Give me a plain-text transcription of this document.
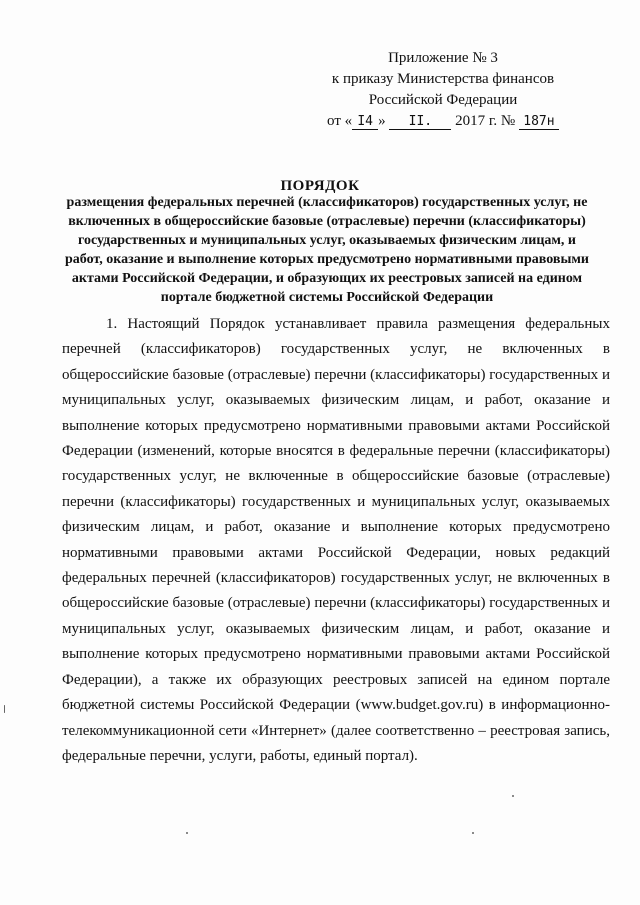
Приложение № 3
к приказу Министерства финансов
Российской Федерации
от « I4 » II. 2017 г. № 187н
ПОРЯДОК
размещения федеральных перечней (классификаторов) государственных услуг, не включенных в общероссийские базовые (отраслевые) перечни (классификаторы) государственных и муниципальных услуг, оказываемых физическим лицам, и работ, оказание и выполнение которых предусмотрено нормативными правовыми актами Российской Федерации, и образующих их реестровых записей на едином портале бюджетной системы Российской Федерации

1. Настоящий Порядок устанавливает правила размещения федеральных перечней (классификаторов) государственных услуг, не включенных в общероссийские базовые (отраслевые) перечни (классификаторы) государственных и муниципальных услуг, оказываемых физическим лицам, и работ, оказание и выполнение которых предусмотрено нормативными правовыми актами Российской Федерации (изменений, которые вносятся в федеральные перечни (классификаторы) государственных услуг, не включенные в общероссийские базовые (отраслевые) перечни (классификаторы) государственных и муниципальных услуг, оказываемых физическим лицам, и работ, оказание и выполнение которых предусмотрено нормативными правовыми актами Российской Федерации, новых редакций федеральных перечней (классификаторов) государственных услуг, не включенных в общероссийские базовые (отраслевые) перечни (классификаторы) государственных и муниципальных услуг, оказываемых физическим лицам, и работ, оказание и выполнение которых предусмотрено нормативными правовыми актами Российской Федерации), а также их образующих реестровых записей на едином портале бюджетной системы Российской Федерации (www.budget.gov.ru) в информационно-телекоммуникационной сети «Интернет» (далее соответственно – реестровая запись, федеральные перечни, услуги, работы, единый портал).
